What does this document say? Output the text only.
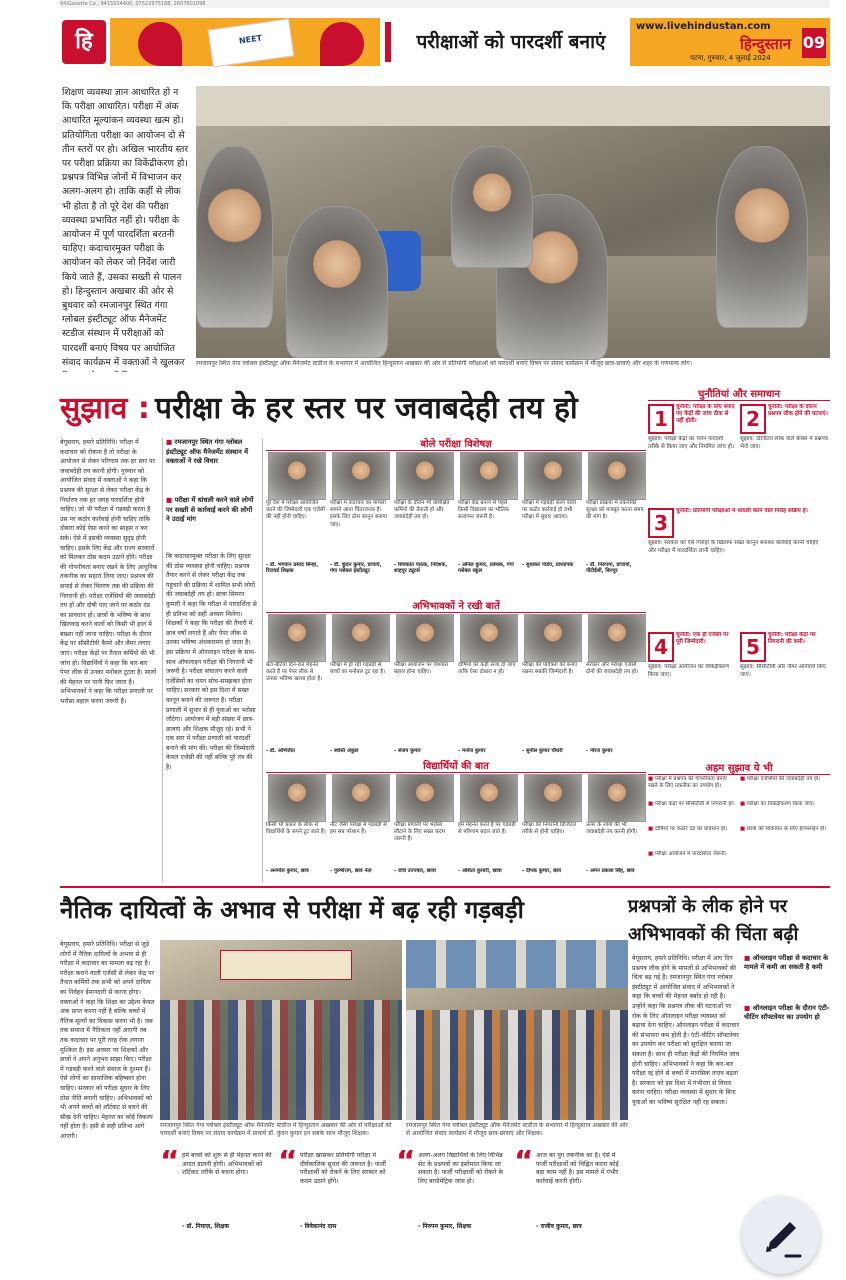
94/Gazette Co., 9415034400, 07522975188, 2607601098
हि	NEET	परीक्षाओं को पारदर्शी बनाएं
www.livehindustan.com
हिन्दुस्तान
पटना, गुरुवार, 4 जुलाई 2024
09
शिक्षण व्यवस्था ज्ञान आधारित हो न कि परीक्षा आधारित। परीक्षा में अंक आधारित मूल्यांकन व्यवस्था खत्म हो। प्रतियोगिता परीक्षा का आयोजन दो से तीन स्तरों पर हो। अखिल भारतीय स्तर पर परीक्षा प्रक्रिया का विकेंद्रीकरण हो। प्रश्नपत्र विभिन्न जोनों में विभाजन कर अलग-अलग हो। ताकि कहीं से लीक भी होता है तो पूरे देश की परीक्षा व्यवस्था प्रभावित नहीं हो। परीक्षा के आयोजन में पूर्ण पारदर्शिता बरतनी चाहिए। कदाचारमुक्त परीक्षा के आयोजन को लेकर जो निर्देश जारी किये जाते हैं, उसका सख्ती से पालन हो। हिन्दुस्तान अखबार की ओर से बुधवार को रमजानपुर स्थित गंगा ग्लोबल इंस्टीट्यूट ऑफ मैनेजमेंट स्टडीज संस्थान में परीक्षाओं को पारदर्शी बनाएं विषय पर आयोजित संवाद कार्यक्रम में वक्ताओं ने खुलकर	रमजानपुर स्थित गंगा ग्लोबल इंस्टीट्यूट ऑफ मैनेजमेंट स्टडीज के सभागार में आयोजित हिन्दुस्तान अखबार की ओर से प्रतियोगी परीक्षाओं को पारदर्शी बनाएं विषय पर संवाद कार्यक्रम में मौजूद छात्र-छात्राएं और शहर के गणमान्य लोग।
सुझाव : परीक्षा के हर स्तर पर जवाबदेही तय हो
बेगूसराय, हमारे प्रतिनिधि। परीक्षा में कदाचार को रोकना है तो परीक्षा के आयोजन से लेकर परिणाम तक हर स्तर पर जवाबदेही तय करनी होगी। गुरुवार को आयोजित संवाद में वक्ताओं ने कहा कि प्रश्नपत्र की सुरक्षा से लेकर परीक्षा केंद्र के निर्धारण तक हर जगह पारदर्शिता होनी चाहिए। जो भी परीक्षा में गड़बड़ी करता है उस पर कठोर कार्रवाई होनी चाहिए ताकि दोबारा कोई ऐसा करने का साहस न कर सके। ऐसे में इसकी व्यवस्था सुदृढ़ होनी चाहिए। इसके लिए केंद्र और राज्य सरकारों को मिलकर ठोस कदम उठाने होंगे। परीक्षा की गोपनीयता बनाए रखने के लिए आधुनिक तकनीक का सहारा लिया जाए। प्रश्नपत्र की छपाई से लेकर वितरण तक की प्रक्रिया की निगरानी हो। परीक्षा एजेंसियों की जवाबदेही तय हो और दोषी पाए जाने पर कठोर दंड का प्रावधान हो। छात्रों के भविष्य के साथ खिलवाड़ करने वालों को किसी भी हाल में बख्शा नहीं जाना चाहिए। परीक्षा के दौरान केंद्र पर सीसीटीवी कैमरे और जैमर लगाए जाएं। परीक्षा केंद्रों पर तैनात कर्मियों की भी जांच हो। विद्यार्थियों ने कहा कि बार-बार पेपर लीक से उनका मनोबल टूटता है। सालों की मेहनत पर पानी फिर जाता है। अभिभावकों ने कहा कि परीक्षा प्रणाली पर भरोसा बहाल करना जरूरी है।
■ रमजानपुर स्थित गंगा ग्लोबल इंस्टीट्यूट ऑफ मैनेजमेंट संस्थान में वक्ताओं ने रखे विचार
■ परीक्षा में धांधली करने वाले लोगों पर सख्ती से कार्रवाई करने की लोगों ने उठाई मांग
कि कदाचारमुक्त परीक्षा के लिए सुरक्षा की ठोस व्यवस्था होनी चाहिए। प्रश्नपत्र तैयार करने से लेकर परीक्षा केंद्र तक पहुंचाने की प्रक्रिया में शामिल सभी लोगों की जवाबदेही तय हो। छात्रा सिमरन कुमारी ने कहा कि परीक्षा में पारदर्शिता से ही प्रतिभा को सही अवसर मिलेगा। शिक्षकों ने कहा कि परीक्षा की तैयारी में छात्र वर्षों लगाते हैं और पेपर लीक से उनका भविष्य अंधकारमय हो जाता है। इस प्रक्रिया में ऑनलाइन परीक्षा के साथ-साथ ऑफलाइन परीक्षा की निगरानी भी जरूरी है। परीक्षा संचालन करने वाली एजेंसियों का चयन सोच-समझकर होना चाहिए। सरकार को इस दिशा में सख्त कानून बनाने की जरूरत है। परीक्षा प्रणाली में सुधार से ही युवाओं का भरोसा लौटेगा। आयोजन में बड़ी संख्या में छात्र-छात्राएं और शिक्षक मौजूद रहे। सभी ने एक स्वर में परीक्षा प्रणाली को पारदर्शी बनाने की मांग की। परीक्षा की जिम्मेदारी केवल एजेंसी की नहीं बल्कि पूरे तंत्र की है।
बोले परीक्षा विशेषज्ञ
पूरे देश में परीक्षा आयोजित करने की जिम्मेदारी एक एजेंसी की नहीं होनी चाहिए।
- डॉ. भगवान प्रसाद सिन्हा, रिटायर्ड शिक्षक
परीक्षा में कदाचार का मामला सामने आना चिंताजनक है। इसके लिए ठोस कानून बनाया जाए।
- डॉ. कुंदन कुमार, प्राचार्य, गंगा ग्लोबल इंस्टीट्यूट
परीक्षा के दौरान भी प्रशिक्षित कर्मियों की तैनाती हो और जवाबदेही तय हो।
- शिवकांत पाठक, निदेशक, शाहपुर ट्यूटर्स
परीक्षा केंद्र बनाने से पहले किसी विद्यालय का भौतिक सत्यापन जरूरी है।
- अनिल कुमार, प्रबंधक, गंगा ग्लोबल स्कूल
परीक्षा में गड़बड़ी करने वालों पर कठोर कार्रवाई हो तभी परीक्षा में सुधार आएगा।
- सुधाकर पांडेय, प्राध्यापक
परीक्षा प्रक्रिया में तकनीकी सुरक्षा को मजबूत करना समय की मांग है।
- डॉ. निरुपमा, प्राचार्या, पीटीईसी, बिनपुर
अभिभावकों ने रखी बातें
बेटा-बेटियां दिन-रात मेहनत करते हैं पर पेपर लीक से उनका भविष्य खराब होता है।
- डॉ. अभिजीत
परीक्षा में हो रही गड़बड़ी से बच्चों का मनोबल टूट रहा है।
- स्वस्ति अंकुल
परीक्षा आयोजन पर विश्वास बहाल होना चाहिए।
- संजय कुमार
दोषियों को कड़ी सजा दी जाए ताकि ऐसा दोबारा न हो।
- मनोज कुमार
परीक्षा की पवित्रता को बनाए रखना सबकी जिम्मेदारी है।
- सुनील कुमार चौधरी
सरकार और परीक्षा एजेंसी दोनों की जवाबदेही तय हो।
- नीरज कुमार
विद्यार्थियों की बात
किसी भी प्रकार के लीक से विद्यार्थियों के सपने टूट जाते हैं।
- अनमोल कुमार, छात्र
नीट जैसी परीक्षा में गड़बड़ी से हम सब परेशान हैं।
- पुरुषोत्तम, छात्र नेता
परीक्षा प्रणाली पर भरोसा लौटाने के लिए सख्त कदम जरूरी हैं।
- राधि उज्ज्वल, छात्रा
हम मेहनत करते हैं पर गड़बड़ी से परिणाम बदल जाते हैं।
- अंशिता कुमारी, छात्रा
परीक्षा की निगरानी डिजिटल तरीके से होनी चाहिए।
- दीपक कुमार, छात्र
ऊपर के लोगों की भी जवाबदेही तय करनी होगी।
- अमन प्रकाश सिंह, छात्र
चुनौतियां और समाधान
1	चुनौती: परीक्षा के लिए बनाए गए केंद्रों की जांच ठीक से नहीं होती।
सुझाव: परीक्षा केंद्रों का चयन पारदर्शी तरीके से किया जाए और नियमित जांच हो।
2	चुनौती: परीक्षा के दौरान प्रश्नपत्र लीक होने की घटनाएं।
सुझाव: डिजिटल लॉक वाले बॉक्स में प्रश्नपत्र भेजे जाएं।
3	चुनौती: प्रतियोगी परीक्षाओं में धांधली करने वाले गिरोह सक्रिय हैं।
सुझाव: सरकार को ऐसे गिरोहों के खिलाफ सख्त कानून बनाकर कार्रवाई करनी चाहिए और परीक्षा में पारदर्शिता लानी चाहिए।
4	चुनौती: एक ही एजेंसी पर पूरी जिम्मेदारी।
सुझाव: परीक्षा आयोजन का विकेंद्रीकरण किया जाए।
5	चुनौती: परीक्षा केंद्रों पर निगरानी की कमी।
सुझाव: सीसीटीवी और जैमर अनिवार्य किए जाएं।
अहम सुझाव ये भी
■ परीक्षा में प्रश्नपत्र की गोपनीयता बनाए रखने के लिए तकनीक का उपयोग हो।
■ परीक्षा केंद्रों पर सीसीटीवी से निगरानी हो।
■ दोषियों पर कठोर दंड का प्रावधान हो।
■ परीक्षा आयोजन में पारदर्शिता जरूरी।
■ परीक्षा एजेंसियों की जवाबदेही तय हो।
■ परीक्षा का विकेंद्रीकरण किया जाए।
■ छात्रों की शिकायत के लिए हेल्पलाइन हो।
नैतिक दायित्वों के अभाव से परीक्षा में बढ़ रही गड़बड़ी	प्रश्नपत्रों के लीक होने पर अभिभावकों की चिंता बढ़ी
बेगूसराय, हमारे प्रतिनिधि। परीक्षा से जुड़े लोगों में नैतिक दायित्वों के अभाव से ही परीक्षा में कदाचार का मामला बढ़ रहा है। परीक्षा कराने वाली एजेंसी से लेकर केंद्र पर तैनात कर्मियों तक सभी को अपने दायित्व का निर्वहन ईमानदारी से करना होगा। वक्ताओं ने कहा कि शिक्षा का उद्देश्य केवल अंक प्राप्त करना नहीं है बल्कि बच्चों में नैतिक मूल्यों का विकास करना भी है। जब तक समाज में नैतिकता नहीं आएगी तब तक कदाचार पर पूरी तरह रोक लगाना मुश्किल है। इस अवसर पर शिक्षकों और छात्रों ने अपने अनुभव साझा किए। परीक्षा में गड़बड़ी करने वाले समाज के दुश्मन हैं। ऐसे लोगों का सामाजिक बहिष्कार होना चाहिए। सरकार को परीक्षा सुधार के लिए ठोस नीति बनानी चाहिए। अभिभावकों को भी अपने बच्चों को शॉर्टकट से बचने की सीख देनी चाहिए। मेहनत का कोई विकल्प नहीं होता है। इसी से सही प्रतिभा आगे आएगी।
रमजानपुर स्थित गंगा ग्लोबल इंस्टीट्यूट ऑफ मैनेजमेंट स्टडीज में हिन्दुस्तान अखबार की ओर से परीक्षाओं को पारदर्शी बनाएं विषय पर संवाद कार्यक्रम में प्राचार्य डॉ. कुंदन कुमार इन सबके साथ मौजूद शिक्षक।
रमजानपुर स्थित गंगा ग्लोबल इंस्टीट्यूट ऑफ मैनेजमेंट स्टडीज के सभागार में हिन्दुस्तान अखबार की ओर से आयोजित संवाद कार्यक्रम में मौजूद छात्र-छात्राएं और शिक्षक।
■ ऑनलाइन परीक्षा से कदाचार के मामले में कमी आ सकती है कमी
■ ऑनलाइन परीक्षा के दौरान एंटी-चीटिंग सॉफ्टवेयर का उपयोग हो
बेगूसराय, हमारे प्रतिनिधि। परीक्षा में आए दिन प्रश्नपत्र लीक होने के मामलों से अभिभावकों की चिंता बढ़ गई है। रमजानपुर स्थित गंगा ग्लोबल इंस्टीट्यूट में आयोजित संवाद में अभिभावकों ने कहा कि बच्चों की मेहनत बर्बाद हो रही है। उन्होंने कहा कि प्रश्नपत्र लीक की घटनाओं पर रोक के लिए ऑनलाइन परीक्षा व्यवस्था को बढ़ावा देना चाहिए। ऑनलाइन परीक्षा में कदाचार की संभावना कम होती है। एंटी-चीटिंग सॉफ्टवेयर का उपयोग कर परीक्षा को सुरक्षित बनाया जा सकता है। साथ ही परीक्षा केंद्रों की नियमित जांच होनी चाहिए। अभिभावकों ने कहा कि बार-बार परीक्षा रद्द होने से बच्चों में मानसिक तनाव बढ़ता है। सरकार को इस दिशा में गंभीरता से विचार करना चाहिए। परीक्षा व्यवस्था में सुधार के बिना युवाओं का भविष्य सुरक्षित नहीं रह सकता।
“ हमें बच्चों को शुरू से ही मेहनत करने की आदत डालनी होगी। अभिभावकों को शॉर्टकट तरीके से बचना होगा।
- डॉ. नियाज़, शिक्षक
“ परीक्षा खासकर प्रतियोगी परीक्षा में दीर्घकालिक सुधार की जरूरत है। फर्जी परीक्षार्थी को रोकने के लिए सरकार को कदम उठाने होंगे।
- विवेकानंद दास
“ अलग-अलग विद्यार्थियों के लिए विभिन्न सेट के प्रश्नपत्रों का इस्तेमाल किया जा सकता है। फर्जी परीक्षार्थी को रोकने के लिए बायोमेट्रिक जांच हो।
- निरुपम कुमार, शिक्षक
“ आज का युग तकनीक का है। ऐसे में फर्जी परीक्षार्थी को चिह्नित करना कोई बड़ा काम नहीं है। इस मामले में गंभीर कार्रवाई करनी होगी।
- राजीव कुमार, छात्र
